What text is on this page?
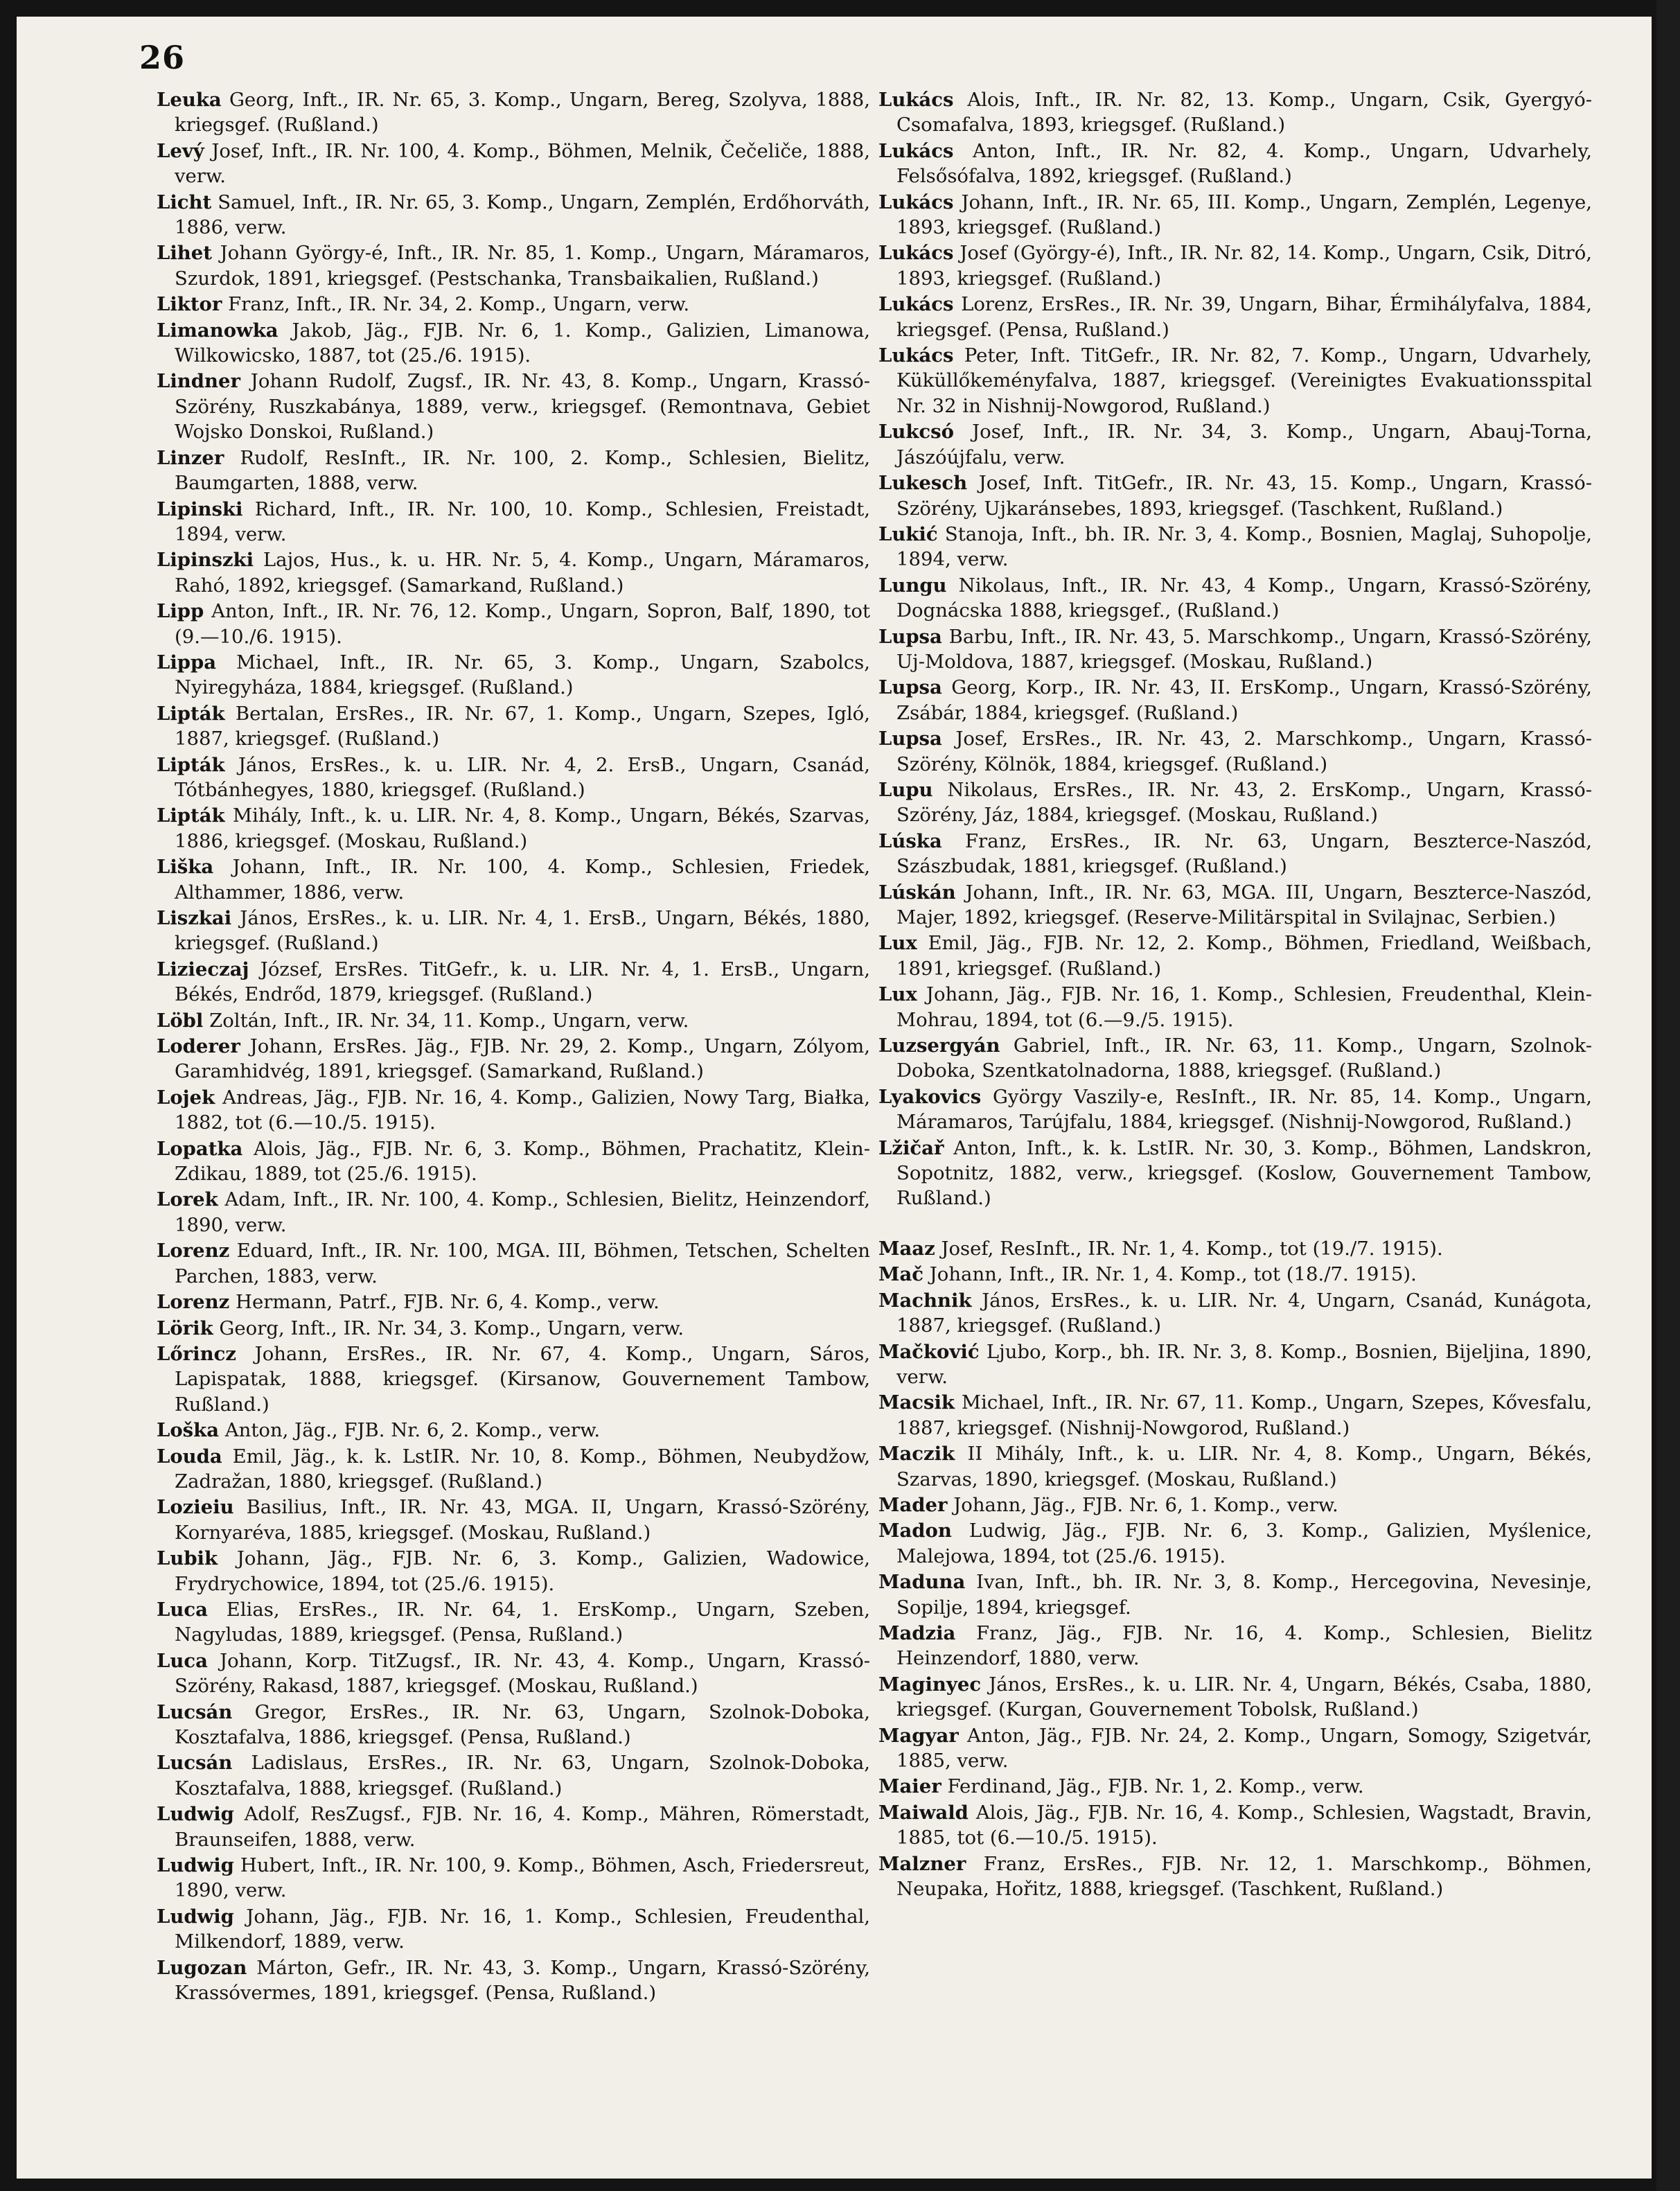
26

Leuka Georg, Inft., IR. Nr. 65, 3. Komp., Ungarn, Bereg, Szolyva, 1888, kriegsgef. (Rußland.)

Levý Josef, Inft., IR. Nr. 100, 4. Komp., Böhmen, Melnik, Čečeliče, 1888, verw.

Licht Samuel, Inft., IR. Nr. 65, 3. Komp., Ungarn, Zemplén, Erdőhorváth, 1886, verw.

Lihet Johann György-é, Inft., IR. Nr. 85, 1. Komp., Ungarn, Máramaros, Szurdok, 1891, kriegsgef. (Pestschanka, Transbaikalien, Rußland.)

Liktor Franz, Inft., IR. Nr. 34, 2. Komp., Ungarn, verw.

Limanowka Jakob, Jäg., FJB. Nr. 6, 1. Komp., Galizien, Limanowa, Wilkowicsko, 1887, tot (25./6. 1915).

Lindner Johann Rudolf, Zugsf., IR. Nr. 43, 8. Komp., Ungarn, Krassó-Szörény, Ruszkabánya, 1889, verw., kriegsgef. (Remontnava, Gebiet Wojsko Donskoi, Rußland.)

Linzer Rudolf, ResInft., IR. Nr. 100, 2. Komp., Schlesien, Bielitz, Baumgarten, 1888, verw.

Lipinski Richard, Inft., IR. Nr. 100, 10. Komp., Schlesien, Freistadt, 1894, verw.

Lipinszki Lajos, Hus., k. u. HR. Nr. 5, 4. Komp., Ungarn, Máramaros, Rahó, 1892, kriegsgef. (Samarkand, Rußland.)

Lipp Anton, Inft., IR. Nr. 76, 12. Komp., Ungarn, Sopron, Balf, 1890, tot (9.—10./6. 1915).

Lippa Michael, Inft., IR. Nr. 65, 3. Komp., Ungarn, Szabolcs, Nyiregyháza, 1884, kriegsgef. (Rußland.)

Lipták Bertalan, ErsRes., IR. Nr. 67, 1. Komp., Ungarn, Szepes, Igló, 1887, kriegsgef. (Rußland.)

Lipták János, ErsRes., k. u. LIR. Nr. 4, 2. ErsB., Ungarn, Csanád, Tótbánhegyes, 1880, kriegsgef. (Rußland.)

Lipták Mihály, Inft., k. u. LIR. Nr. 4, 8. Komp., Ungarn, Békés, Szarvas, 1886, kriegsgef. (Moskau, Rußland.)

Liška Johann, Inft., IR. Nr. 100, 4. Komp., Schlesien, Friedek, Althammer, 1886, verw.

Liszkai János, ErsRes., k. u. LIR. Nr. 4, 1. ErsB., Ungarn, Békés, 1880, kriegsgef. (Rußland.)

Lizieczaj József, ErsRes. TitGefr., k. u. LIR. Nr. 4, 1. ErsB., Ungarn, Békés, Endrőd, 1879, kriegsgef. (Rußland.)

Löbl Zoltán, Inft., IR. Nr. 34, 11. Komp., Ungarn, verw.

Loderer Johann, ErsRes. Jäg., FJB. Nr. 29, 2. Komp., Ungarn, Zólyom, Garamhidvég, 1891, kriegsgef. (Samarkand, Rußland.)

Lojek Andreas, Jäg., FJB. Nr. 16, 4. Komp., Galizien, Nowy Targ, Białka, 1882, tot (6.—10./5. 1915).

Lopatka Alois, Jäg., FJB. Nr. 6, 3. Komp., Böhmen, Prachatitz, Klein-Zdikau, 1889, tot (25./6. 1915).

Lorek Adam, Inft., IR. Nr. 100, 4. Komp., Schlesien, Bielitz, Heinzendorf, 1890, verw.

Lorenz Eduard, Inft., IR. Nr. 100, MGA. III, Böhmen, Tetschen, Schelten Parchen, 1883, verw.

Lorenz Hermann, Patrf., FJB. Nr. 6, 4. Komp., verw.

Lörik Georg, Inft., IR. Nr. 34, 3. Komp., Ungarn, verw.

Lőrincz Johann, ErsRes., IR. Nr. 67, 4. Komp., Ungarn, Sáros, Lapispatak, 1888, kriegsgef. (Kirsanow, Gouvernement Tambow, Rußland.)

Loška Anton, Jäg., FJB. Nr. 6, 2. Komp., verw.

Louda Emil, Jäg., k. k. LstIR. Nr. 10, 8. Komp., Böhmen, Neubydžow, Zadražan, 1880, kriegsgef. (Rußland.)

Lozieiu Basilius, Inft., IR. Nr. 43, MGA. II, Ungarn, Krassó-Szörény, Kornyaréva, 1885, kriegsgef. (Moskau, Rußland.)

Lubik Johann, Jäg., FJB. Nr. 6, 3. Komp., Galizien, Wadowice, Frydrychowice, 1894, tot (25./6. 1915).

Luca Elias, ErsRes., IR. Nr. 64, 1. ErsKomp., Ungarn, Szeben, Nagyludas, 1889, kriegsgef. (Pensa, Rußland.)

Luca Johann, Korp. TitZugsf., IR. Nr. 43, 4. Komp., Ungarn, Krassó-Szörény, Rakasd, 1887, kriegsgef. (Moskau, Rußland.)

Lucsán Gregor, ErsRes., IR. Nr. 63, Ungarn, Szolnok-Doboka, Kosztafalva, 1886, kriegsgef. (Pensa, Rußland.)

Lucsán Ladislaus, ErsRes., IR. Nr. 63, Ungarn, Szolnok-Doboka, Kosztafalva, 1888, kriegsgef. (Rußland.)

Ludwig Adolf, ResZugsf., FJB. Nr. 16, 4. Komp., Mähren, Römerstadt, Braunseifen, 1888, verw.

Ludwig Hubert, Inft., IR. Nr. 100, 9. Komp., Böhmen, Asch, Friedersreut, 1890, verw.

Ludwig Johann, Jäg., FJB. Nr. 16, 1. Komp., Schlesien, Freudenthal, Milkendorf, 1889, verw.

Lugozan Márton, Gefr., IR. Nr. 43, 3. Komp., Ungarn, Krassó-Szörény, Krassóvermes, 1891, kriegsgef. (Pensa, Rußland.)

Lukács Alois, Inft., IR. Nr. 82, 13. Komp., Ungarn, Csik, Gyergyó-Csomafalva, 1893, kriegsgef. (Rußland.)

Lukács Anton, Inft., IR. Nr. 82, 4. Komp., Ungarn, Udvarhely, Felsősófalva, 1892, kriegsgef. (Rußland.)

Lukács Johann, Inft., IR. Nr. 65, III. Komp., Ungarn, Zemplén, Legenye, 1893, kriegsgef. (Rußland.)

Lukács Josef (György-é), Inft., IR. Nr. 82, 14. Komp., Ungarn, Csik, Ditró, 1893, kriegsgef. (Rußland.)

Lukács Lorenz, ErsRes., IR. Nr. 39, Ungarn, Bihar, Érmihályfalva, 1884, kriegsgef. (Pensa, Rußland.)

Lukács Peter, Inft. TitGefr., IR. Nr. 82, 7. Komp., Ungarn, Udvarhely, Küküllőkeményfalva, 1887, kriegsgef. (Vereinigtes Evakuationsspital Nr. 32 in Nishnij-Nowgorod, Rußland.)

Lukcsó Josef, Inft., IR. Nr. 34, 3. Komp., Ungarn, Abauj-Torna, Jászóújfalu, verw.

Lukesch Josef, Inft. TitGefr., IR. Nr. 43, 15. Komp., Ungarn, Krassó-Szörény, Ujkaránsebes, 1893, kriegsgef. (Taschkent, Rußland.)

Lukić Stanoja, Inft., bh. IR. Nr. 3, 4. Komp., Bosnien, Maglaj, Suhopolje, 1894, verw.

Lungu Nikolaus, Inft., IR. Nr. 43, 4 Komp., Ungarn, Krassó-Szörény, Dognácska 1888, kriegsgef., (Rußland.)

Lupsa Barbu, Inft., IR. Nr. 43, 5. Marschkomp., Ungarn, Krassó-Szörény, Uj-Moldova, 1887, kriegsgef. (Moskau, Rußland.)

Lupsa Georg, Korp., IR. Nr. 43, II. ErsKomp., Ungarn, Krassó-Szörény, Zsábár, 1884, kriegsgef. (Rußland.)

Lupsa Josef, ErsRes., IR. Nr. 43, 2. Marschkomp., Ungarn, Krassó-Szörény, Kölnök, 1884, kriegsgef. (Rußland.)

Lupu Nikolaus, ErsRes., IR. Nr. 43, 2. ErsKomp., Ungarn, Krassó-Szörény, Jáz, 1884, kriegsgef. (Moskau, Rußland.)

Lúska Franz, ErsRes., IR. Nr. 63, Ungarn, Beszterce-Naszód, Szászbudak, 1881, kriegsgef. (Rußland.)

Lúskán Johann, Inft., IR. Nr. 63, MGA. III, Ungarn, Beszterce-Naszód, Majer, 1892, kriegsgef. (Reserve-Militärspital in Svilajnac, Serbien.)

Lux Emil, Jäg., FJB. Nr. 12, 2. Komp., Böhmen, Friedland, Weißbach, 1891, kriegsgef. (Rußland.)

Lux Johann, Jäg., FJB. Nr. 16, 1. Komp., Schlesien, Freudenthal, Klein-Mohrau, 1894, tot (6.—9./5. 1915).

Luzsergyán Gabriel, Inft., IR. Nr. 63, 11. Komp., Ungarn, Szolnok-Doboka, Szentkatolnadorna, 1888, kriegsgef. (Rußland.)

Lyakovics György Vaszily-e, ResInft., IR. Nr. 85, 14. Komp., Ungarn, Máramaros, Tarújfalu, 1884, kriegsgef. (Nishnij-Nowgorod, Rußland.)

Lžičař Anton, Inft., k. k. LstIR. Nr. 30, 3. Komp., Böhmen, Landskron, Sopotnitz, 1882, verw., kriegsgef. (Koslow, Gouvernement Tambow, Rußland.)

Maaz Josef, ResInft., IR. Nr. 1, 4. Komp., tot (19./7. 1915).

Mač Johann, Inft., IR. Nr. 1, 4. Komp., tot (18./7. 1915).

Machnik János, ErsRes., k. u. LIR. Nr. 4, Ungarn, Csanád, Kunágota, 1887, kriegsgef. (Rußland.)

Mačković Ljubo, Korp., bh. IR. Nr. 3, 8. Komp., Bosnien, Bijeljina, 1890, verw.

Macsik Michael, Inft., IR. Nr. 67, 11. Komp., Ungarn, Szepes, Kővesfalu, 1887, kriegsgef. (Nishnij-Nowgorod, Rußland.)

Maczik II Mihály, Inft., k. u. LIR. Nr. 4, 8. Komp., Ungarn, Békés, Szarvas, 1890, kriegsgef. (Moskau, Rußland.)

Mader Johann, Jäg., FJB. Nr. 6, 1. Komp., verw.

Madon Ludwig, Jäg., FJB. Nr. 6, 3. Komp., Galizien, Myślenice, Malejowa, 1894, tot (25./6. 1915).

Maduna Ivan, Inft., bh. IR. Nr. 3, 8. Komp., Hercegovina, Nevesinje, Sopilje, 1894, kriegsgef.

Madzia Franz, Jäg., FJB. Nr. 16, 4. Komp., Schlesien, Bielitz Heinzendorf, 1880, verw.

Maginyec János, ErsRes., k. u. LIR. Nr. 4, Ungarn, Békés, Csaba, 1880, kriegsgef. (Kurgan, Gouvernement Tobolsk, Rußland.)

Magyar Anton, Jäg., FJB. Nr. 24, 2. Komp., Ungarn, Somogy, Szigetvár, 1885, verw.

Maier Ferdinand, Jäg., FJB. Nr. 1, 2. Komp., verw.

Maiwald Alois, Jäg., FJB. Nr. 16, 4. Komp., Schlesien, Wagstadt, Bravin, 1885, tot (6.—10./5. 1915).

Malzner Franz, ErsRes., FJB. Nr. 12, 1. Marschkomp., Böhmen, Neupaka, Hořitz, 1888, kriegsgef. (Taschkent, Rußland.)
